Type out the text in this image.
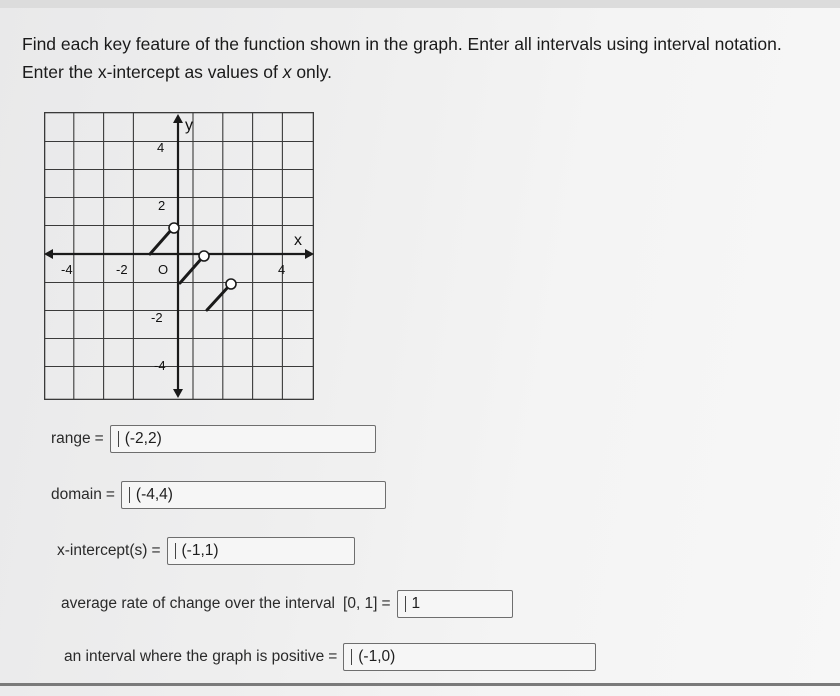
Find each key feature of the function shown in the graph. Enter all intervals using interval notation.
Enter the x-intercept as values of x only.
y
x
-4	-2 O	4
4
2
-2
-4
range = (-2,2)
domain = (-4,4)
x-intercept(s) = (-1,1)
average rate of change over the interval [0, 1] = 1
an interval where the graph is positive = (-1,0)
